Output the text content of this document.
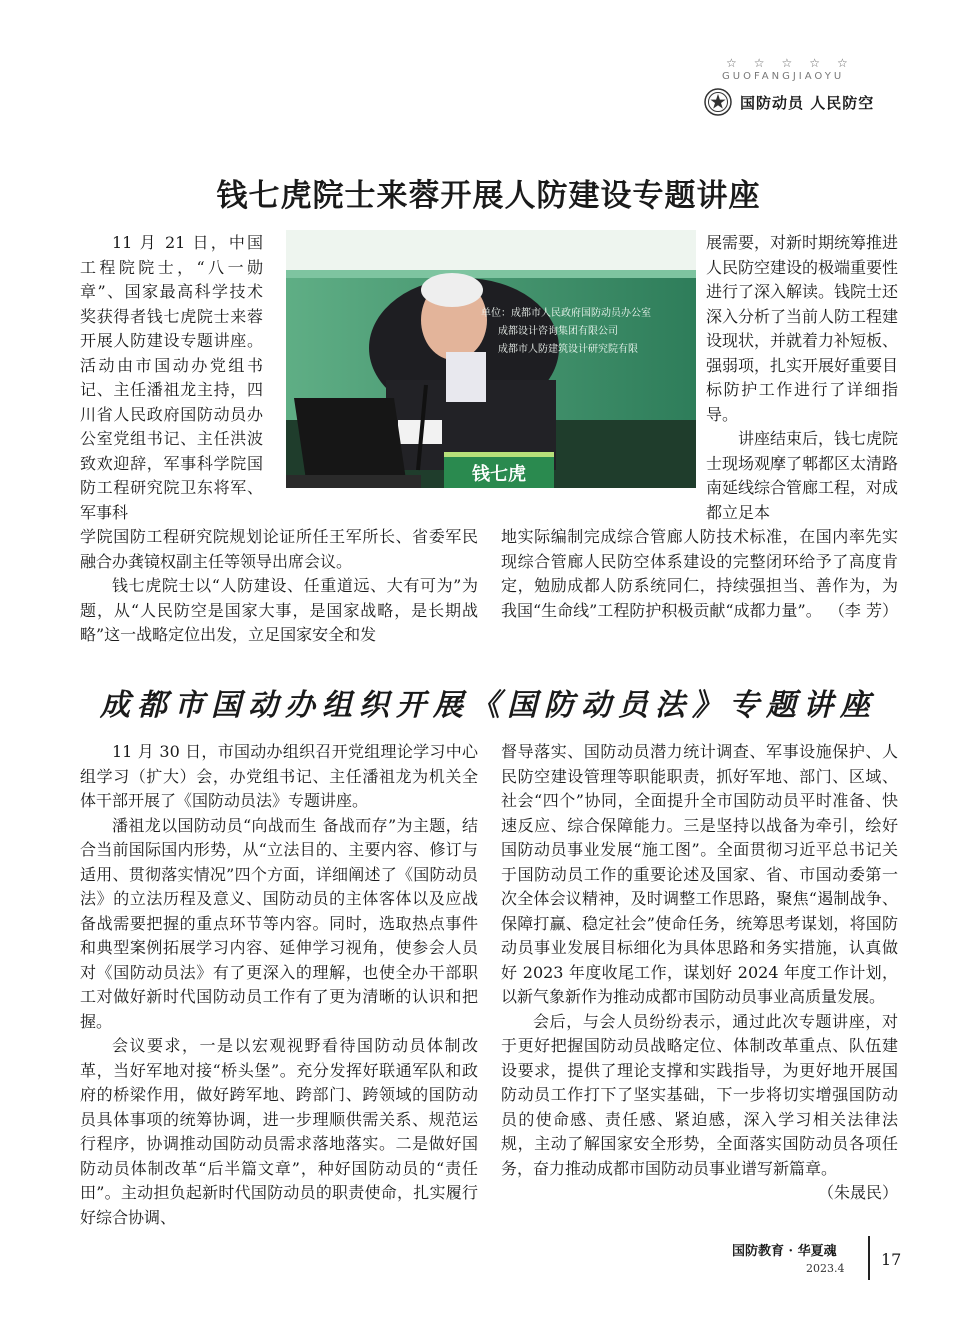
☆☆☆☆☆
GUOFANGJIAOYU
国防动员 人民防空
钱七虎院士来蓉开展人防建设专题讲座

11 月 21 日，中国工程院院士，“八一勋章”、国家最高科学技术奖获得者钱七虎院士来蓉开展人防建设专题讲座。活动由市国动办党组书记、主任潘祖龙主持，四川省人民政府国防动员办公室党组书记、主任洪波致欢迎辞，军事科学院国防工程研究院卫东将军、军事科

钱七虎
单位：成都市人民政府国防动员办公室
成都设计咨询集团有限公司
成都市人防建筑设计研究院有限

学院国防工程研究院规划论证所任王军所长、省委军民融合办龚镜权副主任等领导出席会议。

钱七虎院士以“人防建设、任重道远、大有可为”为题，从“人民防空是国家大事，是国家战略，是长期战略”这一战略定位出发，立足国家安全和发

展需要，对新时期统筹推进人民防空建设的极端重要性进行了深入解读。钱院士还深入分析了当前人防工程建设现状，并就着力补短板、强弱项，扎实开展好重要目标防护工作进行了详细指导。

讲座结束后，钱七虎院士现场观摩了郫都区太清路南延线综合管廊工程，对成都立足本

地实际编制完成综合管廊人防技术标准，在国内率先实现综合管廊人民防空体系建设的完整闭环给予了高度肯定，勉励成都人防系统同仁，持续强担当、善作为，为我国“生命线”工程防护积极贡献“成都力量”。 （李 芳）

成都市国动办组织开展《国防动员法》专题讲座

11 月 30 日，市国动办组织召开党组理论学习中心组学习（扩大）会，办党组书记、主任潘祖龙为机关全体干部开展了《国防动员法》专题讲座。

潘祖龙以国防动员“向战而生 备战而存”为主题，结合当前国际国内形势，从“立法目的、主要内容、修订与适用、贯彻落实情况”四个方面，详细阐述了《国防动员法》的立法历程及意义、国防动员的主体客体以及应战备战需要把握的重点环节等内容。同时，选取热点事件和典型案例拓展学习内容、延伸学习视角，使参会人员对《国防动员法》有了更深入的理解，也使全办干部职工对做好新时代国防动员工作有了更为清晰的认识和把握。

会议要求，一是以宏观视野看待国防动员体制改革，当好军地对接“桥头堡”。充分发挥好联通军队和政府的桥梁作用，做好跨军地、跨部门、跨领域的国防动员具体事项的统筹协调，进一步理顺供需关系、规范运行程序，协调推动国防动员需求落地落实。二是做好国防动员体制改革“后半篇文章”，种好国防动员的“责任田”。主动担负起新时代国防动员的职责使命，扎实履行好综合协调、

督导落实、国防动员潜力统计调查、军事设施保护、人民防空建设管理等职能职责，抓好军地、部门、区域、社会“四个”协同，全面提升全市国防动员平时准备、快速反应、综合保障能力。三是坚持以战备为牵引，绘好国防动员事业发展“施工图”。全面贯彻习近平总书记关于国防动员工作的重要论述及国家、省、市国动委第一次全体会议精神，及时调整工作思路，聚焦“遏制战争、保障打赢、稳定社会”使命任务，统筹思考谋划，将国防动员事业发展目标细化为具体思路和务实措施，认真做好 2023 年度收尾工作，谋划好 2024 年度工作计划，以新气象新作为推动成都市国防动员事业高质量发展。

会后，与会人员纷纷表示，通过此次专题讲座，对于更好把握国防动员战略定位、体制改革重点、队伍建设要求，提供了理论支撑和实践指导，为更好地开展国防动员工作打下了坚实基础，下一步将切实增强国防动员的使命感、责任感、紧迫感，深入学习相关法律法规，主动了解国家安全形势，全面落实国防动员各项任务，奋力推动成都市国防动员事业谱写新篇章。
（朱晟民）

国防教育 · 华夏魂
2023.4 17
